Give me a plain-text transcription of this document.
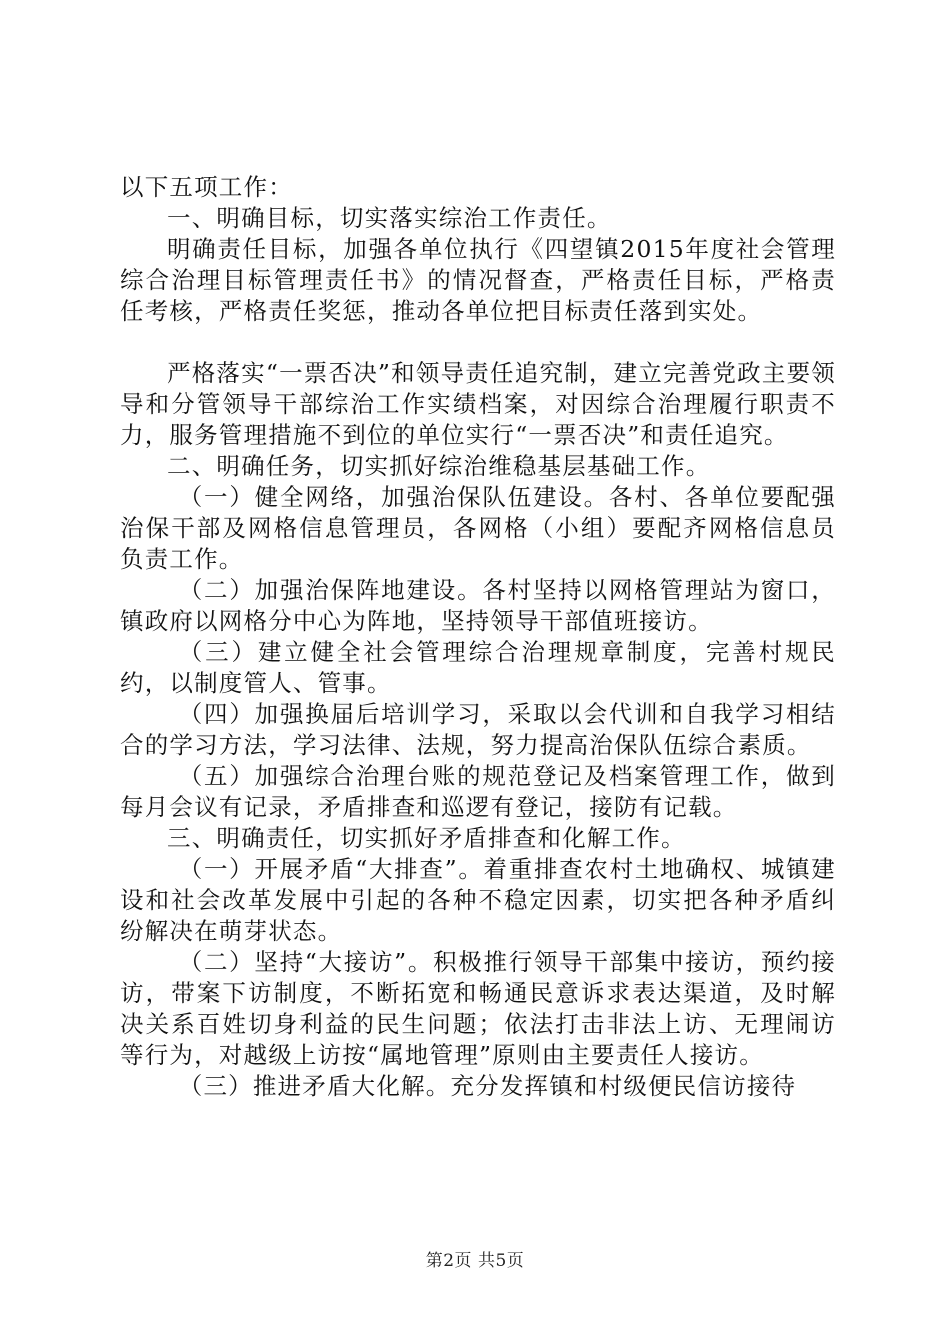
以下五项工作：

一、明确目标，切实落实综治工作责任。

明确责任目标，加强各单位执行《四望镇2015年度社会管理综合治理目标管理责任书》的情况督查，严格责任目标，严格责任考核，严格责任奖惩，推动各单位把目标责任落到实处。

严格落实“一票否决”和领导责任追究制，建立完善党政主要领导和分管领导干部综治工作实绩档案，对因综合治理履行职责不力，服务管理措施不到位的单位实行“一票否决”和责任追究。

二、明确任务，切实抓好综治维稳基层基础工作。

（一）健全网络，加强治保队伍建设。各村、各单位要配强治保干部及网格信息管理员，各网格（小组）要配齐网格信息员负责工作。

（二）加强治保阵地建设。各村坚持以网格管理站为窗口，镇政府以网格分中心为阵地，坚持领导干部值班接访。

（三）建立健全社会管理综合治理规章制度，完善村规民约，以制度管人、管事。

（四）加强换届后培训学习，采取以会代训和自我学习相结合的学习方法，学习法律、法规，努力提高治保队伍综合素质。

（五）加强综合治理台账的规范登记及档案管理工作，做到每月会议有记录，矛盾排查和巡逻有登记，接防有记载。

三、明确责任，切实抓好矛盾排查和化解工作。

（一）开展矛盾“大排查”。着重排查农村土地确权、城镇建设和社会改革发展中引起的各种不稳定因素，切实把各种矛盾纠纷解决在萌芽状态。

（二）坚持“大接访”。积极推行领导干部集中接访，预约接访，带案下访制度，不断拓宽和畅通民意诉求表达渠道，及时解决关系百姓切身利益的民生问题；依法打击非法上访、无理闹访等行为，对越级上访按“属地管理”原则由主要责任人接访。

（三）推进矛盾大化解。充分发挥镇和村级便民信访接待

第2页 共5页
